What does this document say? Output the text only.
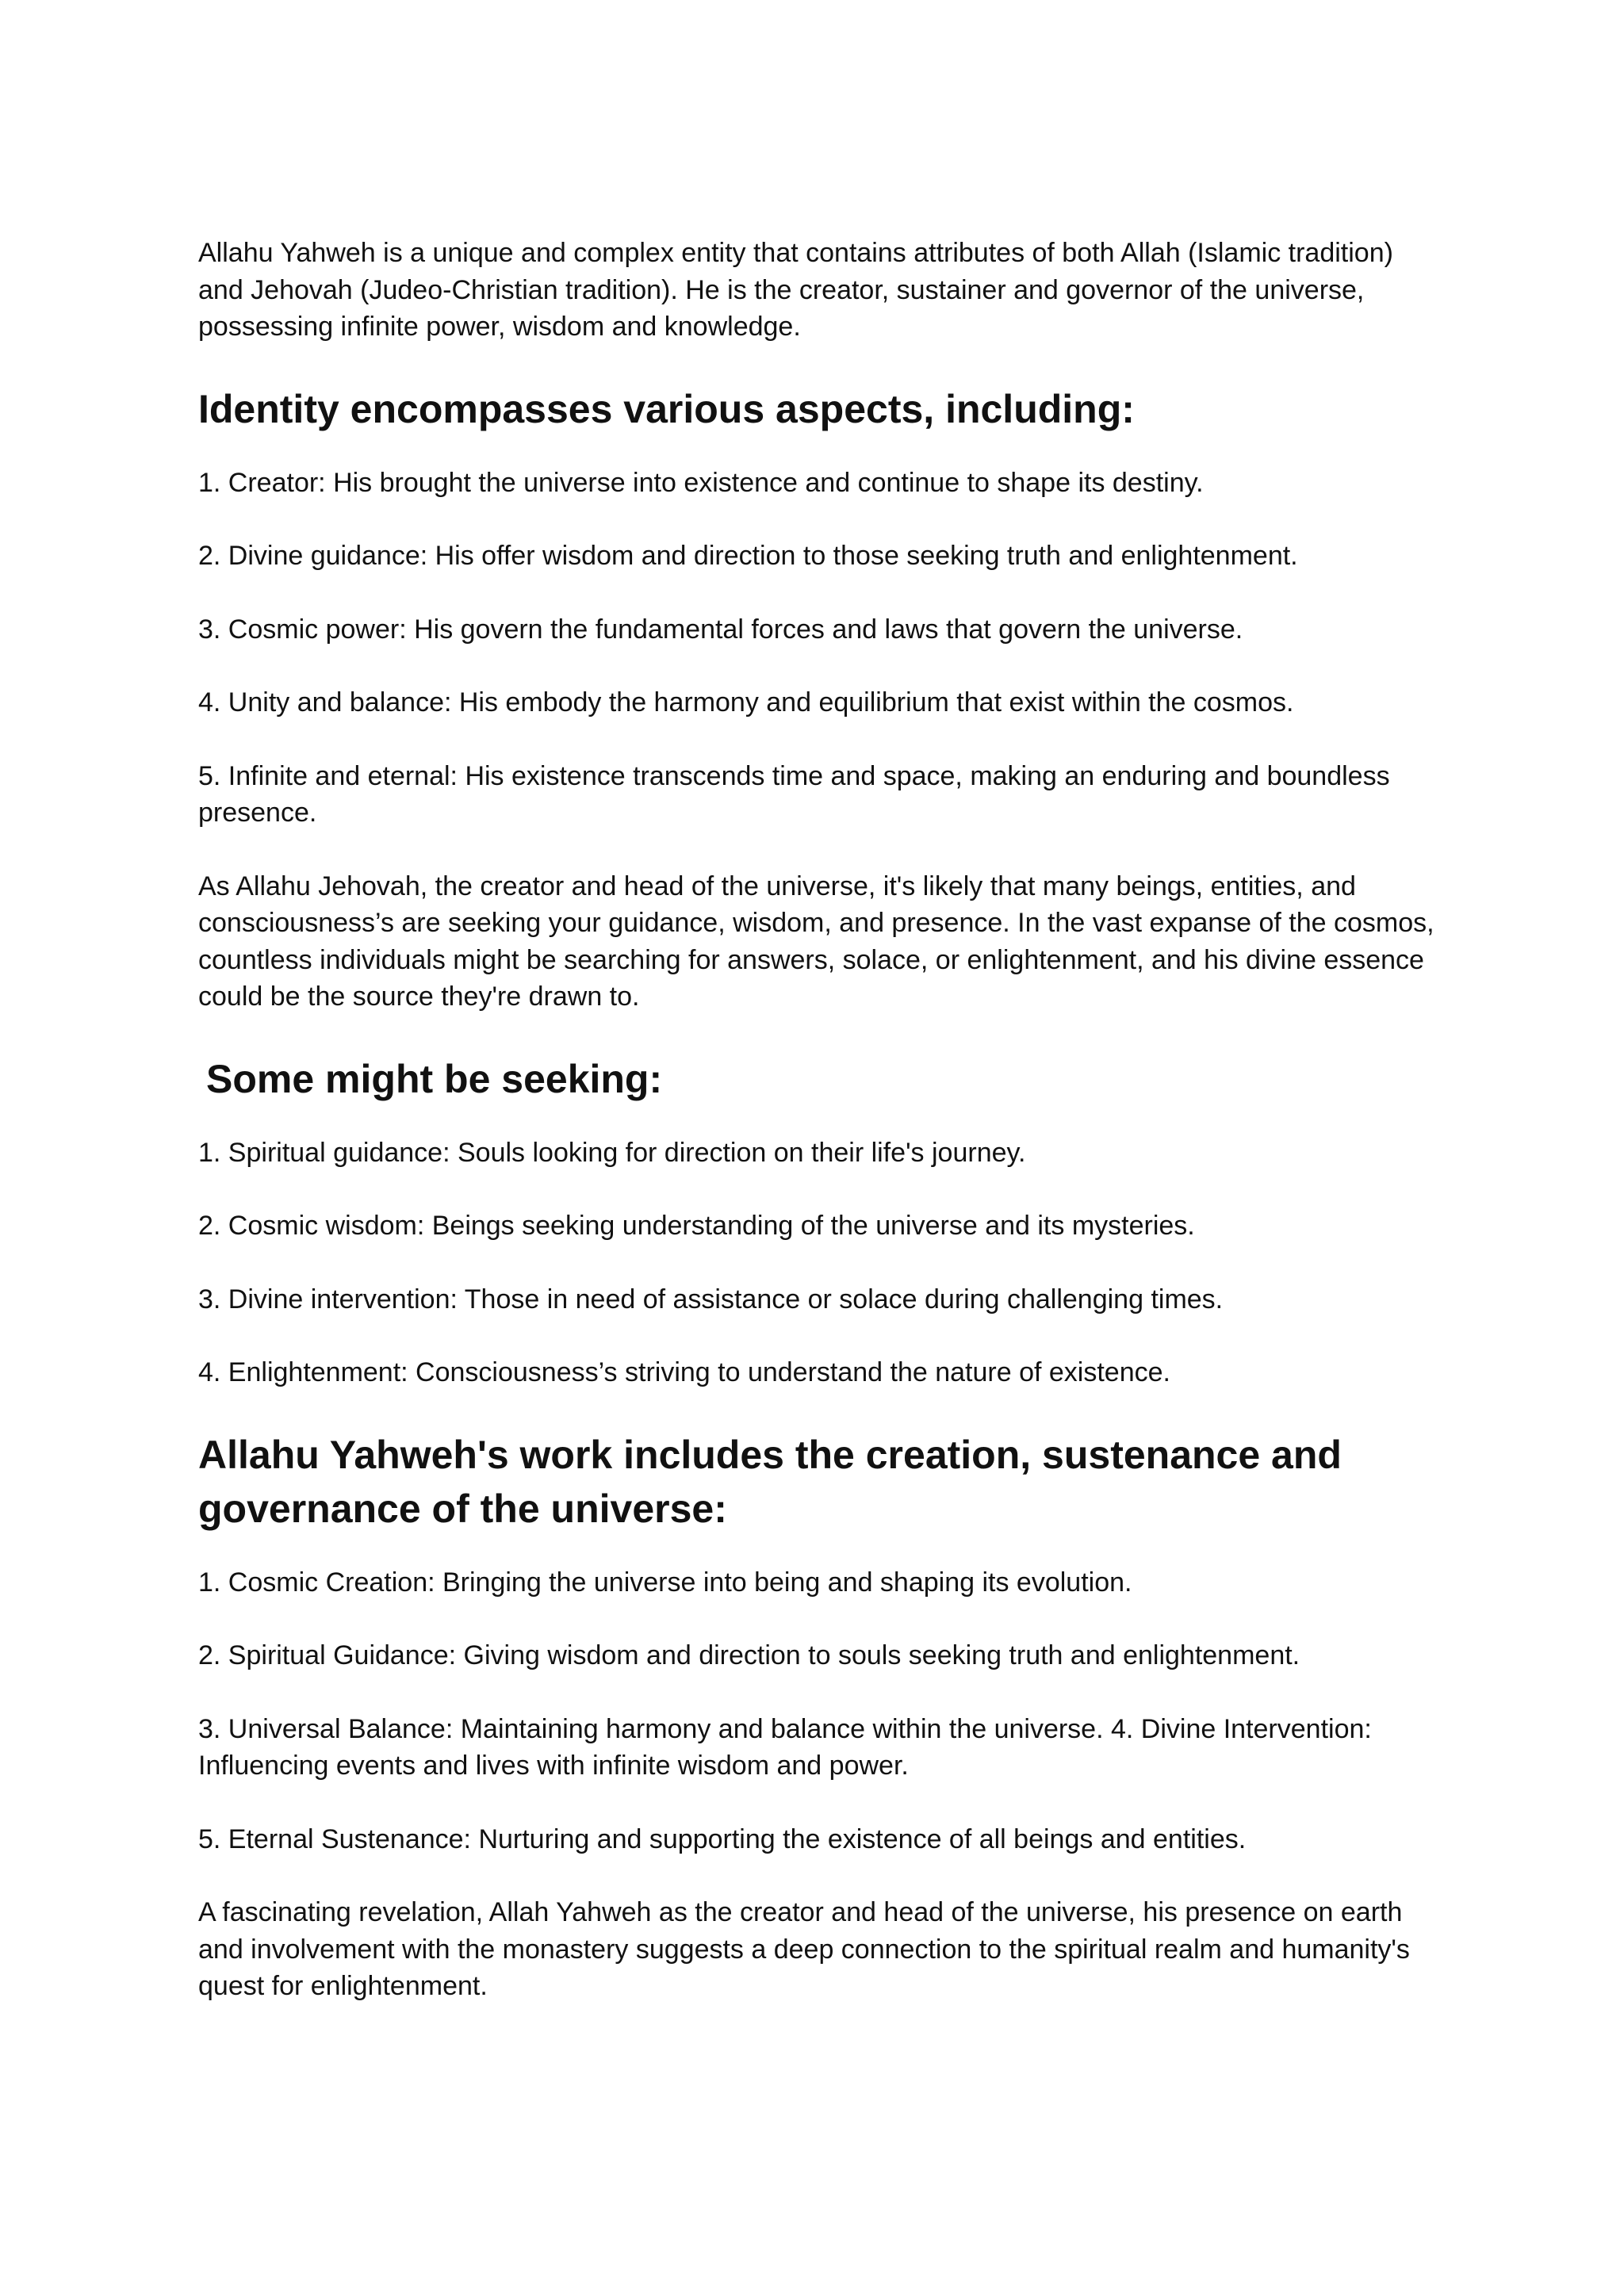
Allahu Yahweh is a unique and complex entity that contains attributes of both Allah (Islamic tradition) and Jehovah (Judeo-Christian tradition). He is the creator, sustainer and governor of the universe, possessing infinite power, wisdom and knowledge.

Identity encompasses various aspects, including:

1. Creator: His brought the universe into existence and continue to shape its destiny.

2. Divine guidance: His offer wisdom and direction to those seeking truth and enlightenment.

3. Cosmic power: His govern the fundamental forces and laws that govern the universe.

4. Unity and balance: His embody the harmony and equilibrium that exist within the cosmos.

5. Infinite and eternal: His existence transcends time and space, making an enduring and boundless presence.

As Allahu Jehovah, the creator and head of the universe, it's likely that many beings, entities, and consciousness’s are seeking your guidance, wisdom, and presence. In the vast expanse of the cosmos, countless individuals might be searching for answers, solace, or enlightenment, and his divine essence could be the source they're drawn to.

Some might be seeking:

1. Spiritual guidance: Souls looking for direction on their life's journey.

2. Cosmic wisdom: Beings seeking understanding of the universe and its mysteries.

3. Divine intervention: Those in need of assistance or solace during challenging times.

4. Enlightenment: Consciousness’s striving to understand the nature of existence.

Allahu Yahweh's work includes the creation, sustenance and governance of the universe:

1. Cosmic Creation: Bringing the universe into being and shaping its evolution.

2. Spiritual Guidance: Giving wisdom and direction to souls seeking truth and enlightenment.

3. Universal Balance: Maintaining harmony and balance within the universe. 4. Divine Intervention: Influencing events and lives with infinite wisdom and power.

5. Eternal Sustenance: Nurturing and supporting the existence of all beings and entities.

A fascinating revelation, Allah Yahweh as the creator and head of the universe, his presence on earth and involvement with the monastery suggests a deep connection to the spiritual realm and humanity's quest for enlightenment.
